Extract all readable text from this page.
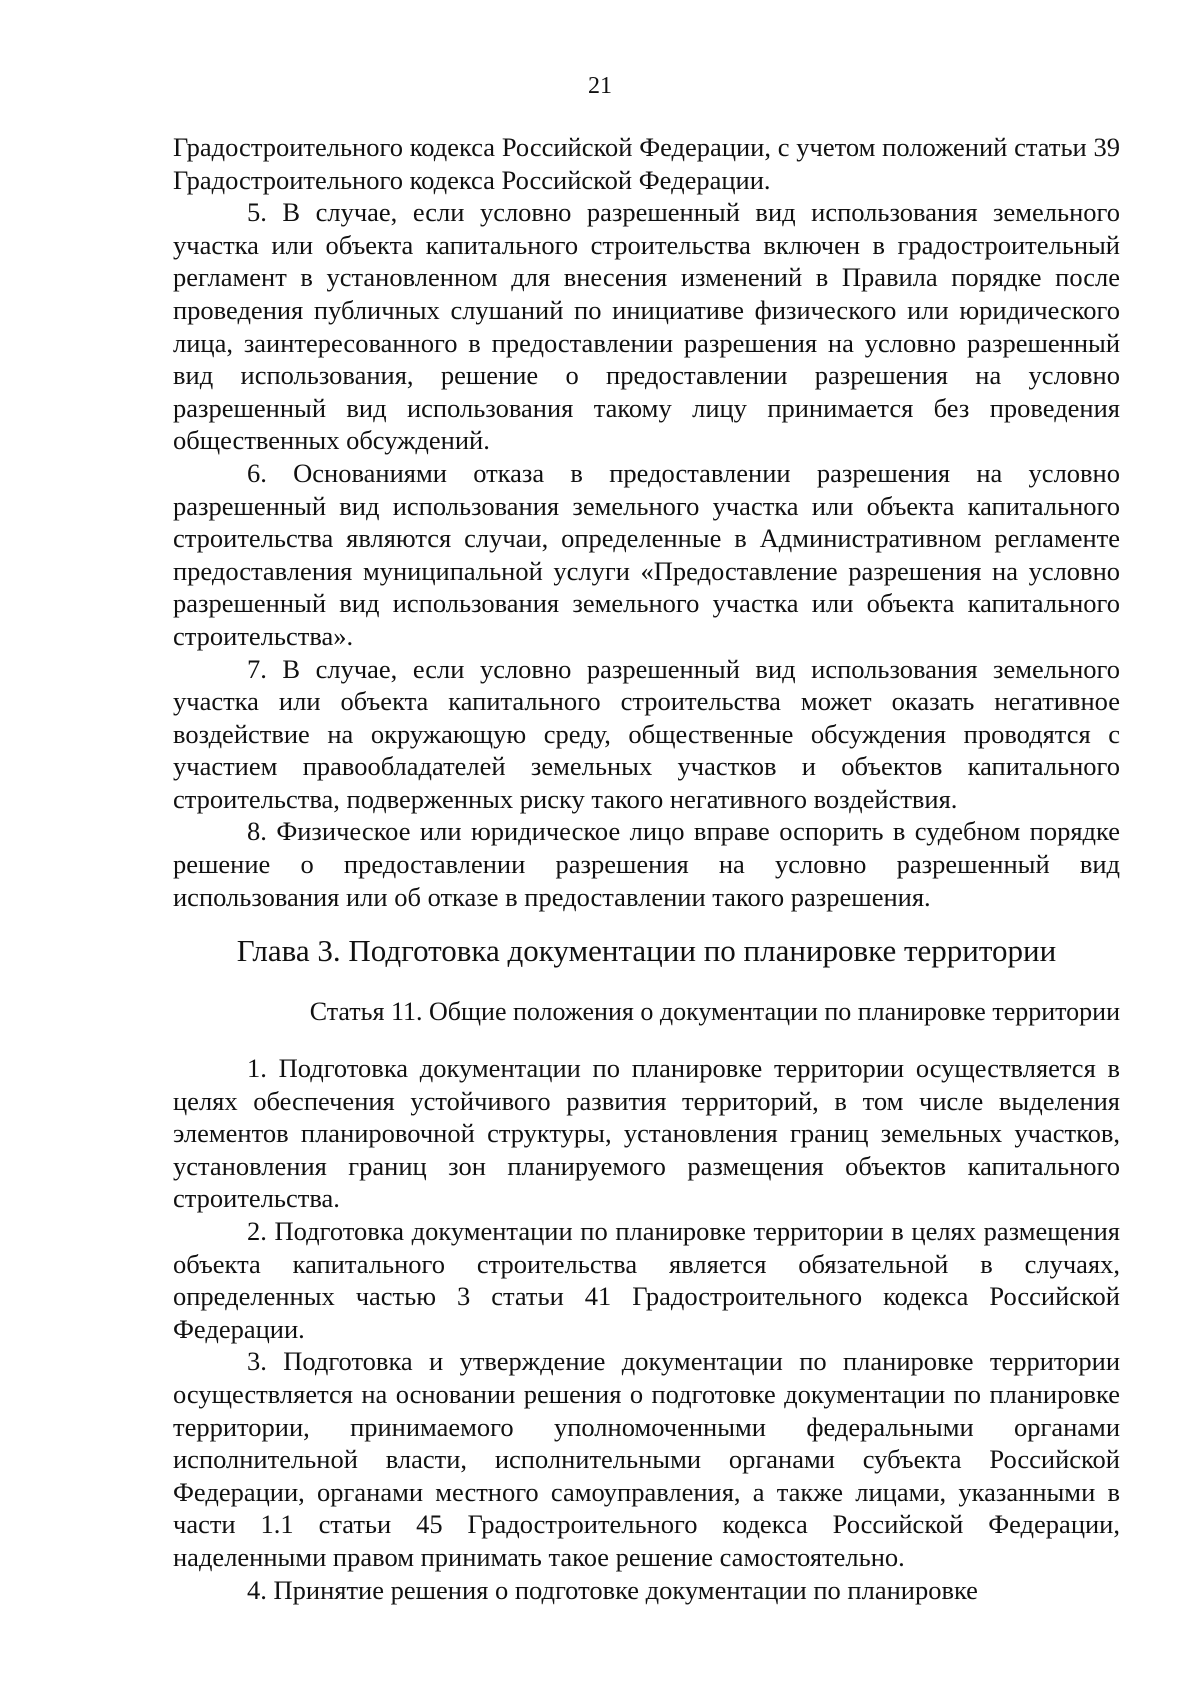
21

Градостроительного кодекса Российской Федерации, с учетом положений статьи 39 Градостроительного кодекса Российской Федерации.

5. В случае, если условно разрешенный вид использования земельного участка или объекта капитального строительства включен в градостроительный регламент в установленном для внесения изменений в Правила порядке после проведения публичных слушаний по инициативе физического или юридического лица, заинтересованного в предоставлении разрешения на условно разрешенный вид использования, решение о предоставлении разрешения на условно разрешенный вид использования такому лицу принимается без проведения общественных обсуждений.

6. Основаниями отказа в предоставлении разрешения на условно разрешенный вид использования земельного участка или объекта капитального строительства являются случаи, определенные в Административном регламенте предоставления муниципальной услуги «Предоставление разрешения на условно разрешенный вид использования земельного участка или объекта капитального строительства».

7. В случае, если условно разрешенный вид использования земельного участка или объекта капитального строительства может оказать негативное воздействие на окружающую среду, общественные обсуждения проводятся с участием правообладателей земельных участков и объектов капитального строительства, подверженных риску такого негативного воздействия.

8. Физическое или юридическое лицо вправе оспорить в судебном порядке решение о предоставлении разрешения на условно разрешенный вид использования или об отказе в предоставлении такого разрешения.

Глава 3. Подготовка документации по планировке территории
Статья 11. Общие положения о документации по планировке территории

1. Подготовка документации по планировке территории осуществляется в целях обеспечения устойчивого развития территорий, в том числе выделения элементов планировочной структуры, установления границ земельных участков, установления границ зон планируемого размещения объектов капитального строительства.

2. Подготовка документации по планировке территории в целях размещения объекта капитального строительства является обязательной в случаях, определенных частью 3 статьи 41 Градостроительного кодекса Российской Федерации.

3. Подготовка и утверждение документации по планировке территории осуществляется на основании решения о подготовке документации по планировке территории, принимаемого уполномоченными федеральными органами исполнительной власти, исполнительными органами субъекта Российской Федерации, органами местного самоуправления, а также лицами, указанными в части 1.1 статьи 45 Градостроительного кодекса Российской Федерации, наделенными правом принимать такое решение самостоятельно.

4. Принятие решения о подготовке документации по планировке
